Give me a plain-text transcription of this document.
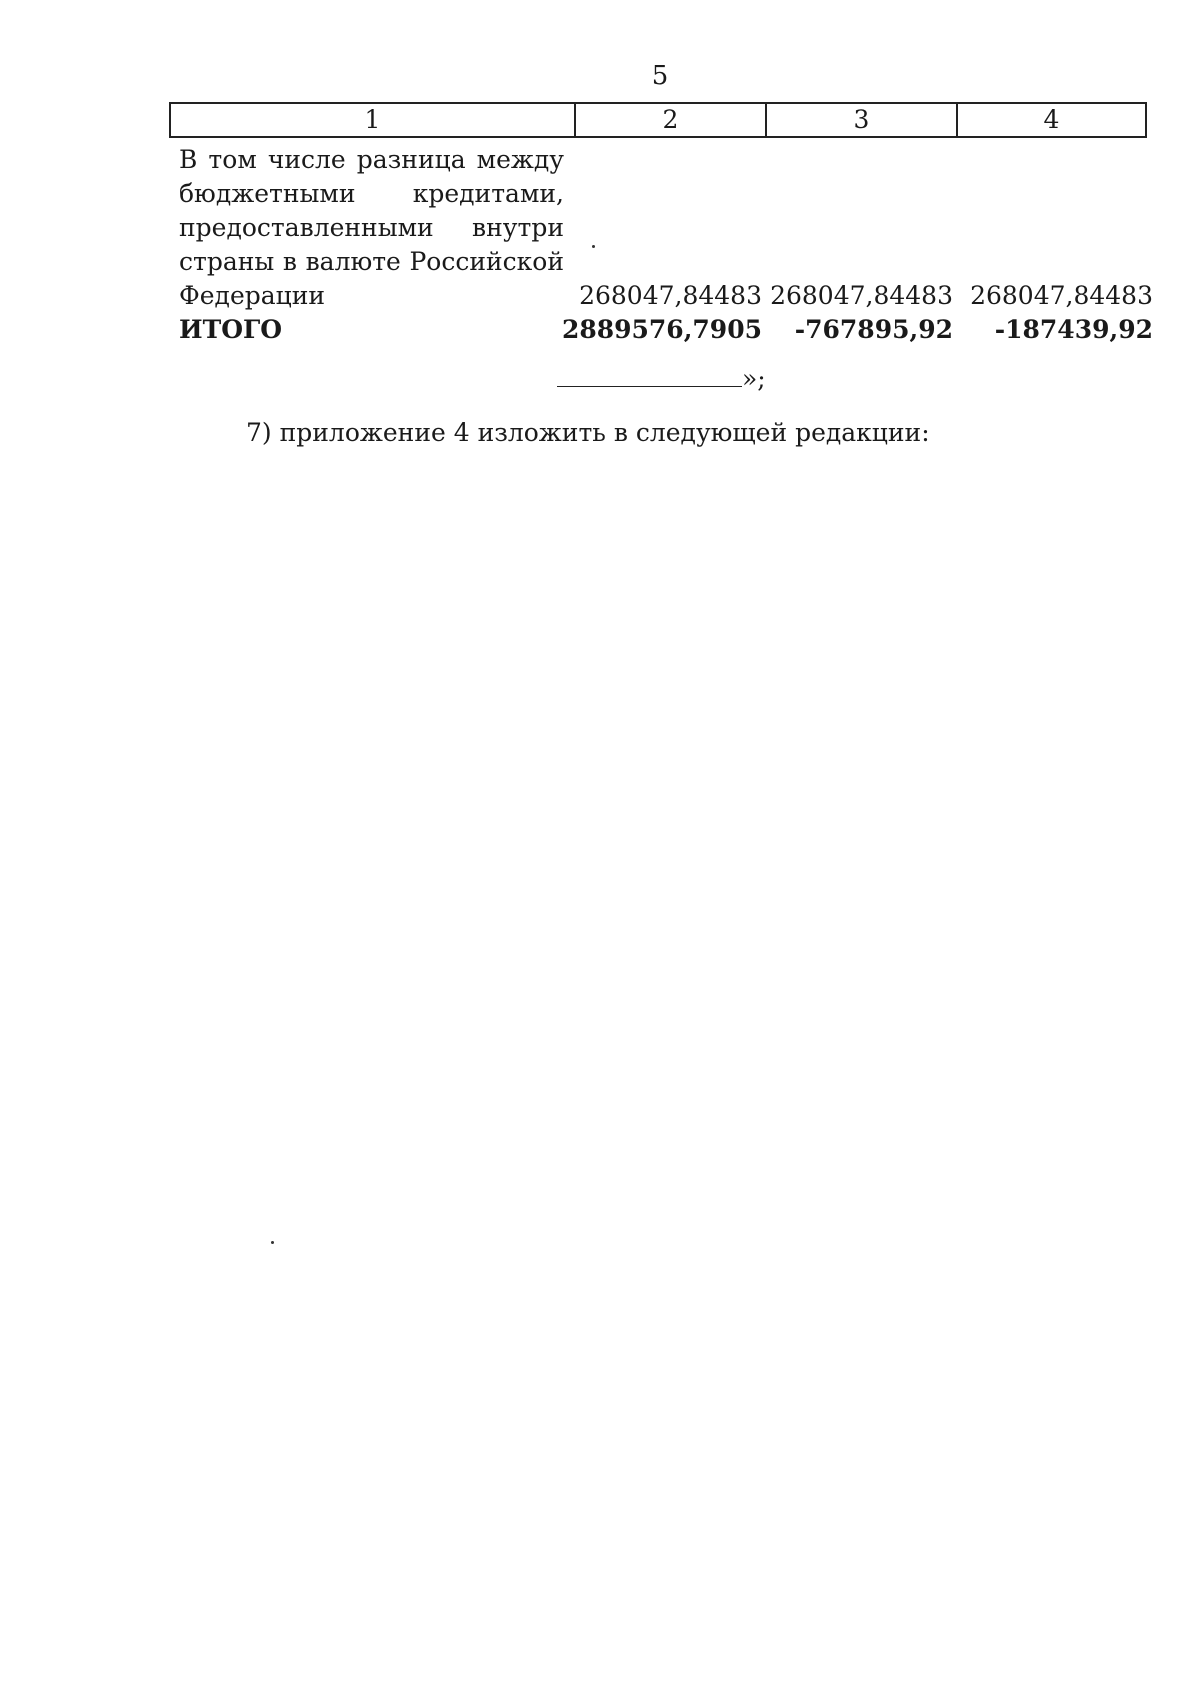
5
1	2	3	4
В том числе разница между
бюджетными кредитами,
предоставленными внутри
страны в валюте Российской
Федерации	268047,84483 268047,84483 268047,84483
ИТОГО	2889576,7905 -767895,92 -187439,92
»;
7) приложение 4 изложить в следующей редакции:
